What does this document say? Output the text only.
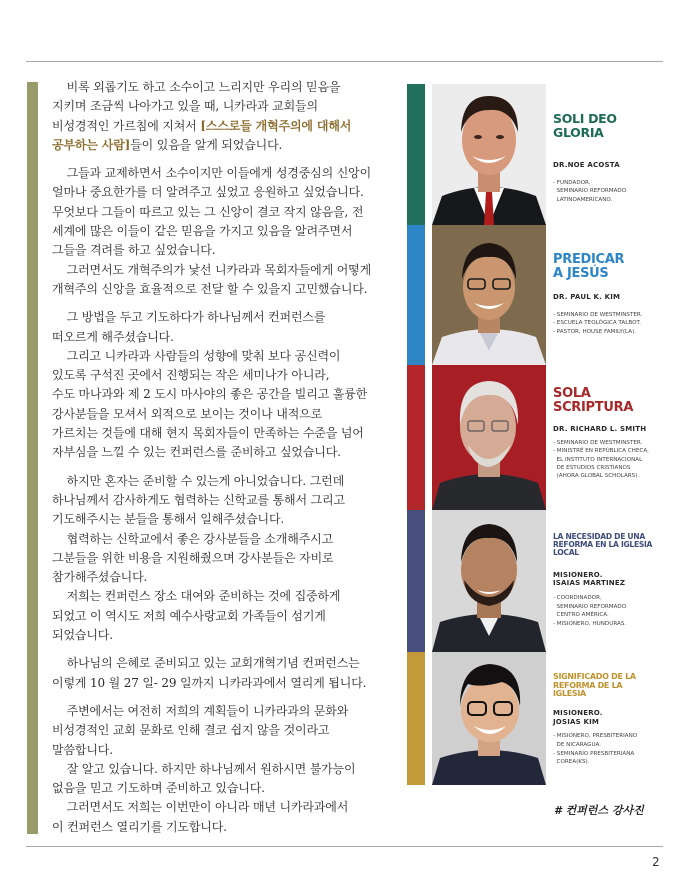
비록 외롭기도 하고 소수이고 느리지만 우리의 믿음을
지키며 조금씩 나아가고 있을 때, 니카라과 교회들의
비성경적인 가르침에 지쳐서 [스스로들 개혁주의에 대해서
공부하는 사람]들이 있음을 알게 되었습니다.

그들과 교제하면서 소수이지만 이들에게 성경중심의 신앙이
얼마나 중요한가를 더 알려주고 싶었고 응원하고 싶었습니다.
무엇보다 그들이 따르고 있는 그 신앙이 결코 작지 않음을, 전
세계에 많은 이들이 같은 믿음을 가지고 있음을 알려주면서
그들을 격려를 하고 싶었습니다.
그러면서도 개혁주의가 낯선 니카라과 목회자들에게 어떻게
개혁주의 신앙을 효율적으로 전달 할 수 있을지 고민했습니다.

그 방법을 두고 기도하다가 하나님께서 컨퍼런스를
떠오르게 해주셨습니다.
그리고 니카라과 사람들의 성향에 맞춰 보다 공신력이
있도록 구석진 곳에서 진행되는 작은 세미나가 아니라,
수도 마나과와 제 2 도시 마사야의 좋은 공간을 빌리고 훌륭한
강사분들을 모셔서 외적으로 보이는 것이나 내적으로
가르치는 것들에 대해 현지 목회자들이 만족하는 수준을 넘어
자부심을 느낄 수 있는 컨퍼런스를 준비하고 싶었습니다.

하지만 혼자는 준비할 수 있는게 아니었습니다. 그런데
하나님께서 감사하게도 협력하는 신학교를 통해서 그리고
기도해주시는 분들을 통해서 일해주셨습니다.
협력하는 신학교에서 좋은 강사분들을 소개해주시고
그분들을 위한 비용을 지원해줬으며 강사분들은 자비로
참가해주셨습니다.
저희는 컨퍼런스 장소 대여와 준비하는 것에 집중하게
되었고 이 역시도 저희 예수사랑교회 가족들이 섬기게
되었습니다.

하나님의 은혜로 준비되고 있는 교회개혁기념 컨퍼런스는
이렇게 10 월 27 일- 29 일까지 니카라과에서 열리게 됩니다.

주변에서는 여전히 저희의 계획들이 니카라과의 문화와
비성경적인 교회 문화로 인해 결코 쉽지 않을 것이라고
말씀합니다.
잘 알고 있습니다. 하지만 하나님께서 원하시면 불가능이
없음을 믿고 기도하며 준비하고 있습니다.
그러면서도 저희는 이번만이 아니라 매년 니카라과에서
이 컨퍼런스 열리기를 기도합니다.

SOLI DEO GLORIA
DR.NOE ACOSTA
- FUNDADOR,
SEMINARIO REFORMADO
LATINOAMERICANO.
PREDICAR A JESÚS
DR. PAUL K. KIM
- SEMINARIO DE WESTMINSTER.
- ESCUELA TEOLÓGICA TALBOT.
- PASTOR, HOUSE FAMILY(LA).
SOLA SCRIPTURA
DR. RICHARD L. SMITH
- SEMINARIO DE WESTMINSTER.
- MINISTRÉ EN REPÚBLICA CHECA,
EL INSTITUTO INTERNACIONAL
DE ESTUDIOS CRISTIANOS
(AHORA GLOBAL SCHOLARS).
LA NECESIDAD DE UNA REFORMA EN LA IGLESIA LOCAL
MISIONERO. ISAIAS MARTINEZ
- COORDINADOR,
SEMINARIO REFORMADO
CENTRO AMÉRICA.
- MISIONERO, HUNDURAS.
SIGNIFICADO DE LA REFORMA DE LA IGLESIA
MISIONERO. JOSIAS KIM
- MISIONERO, PRESBITERIANO
DE NICARAGUA.
- SEMINARIO PRESBITERIANA
COREA(KS).
# 컨퍼런스 강사진
2
